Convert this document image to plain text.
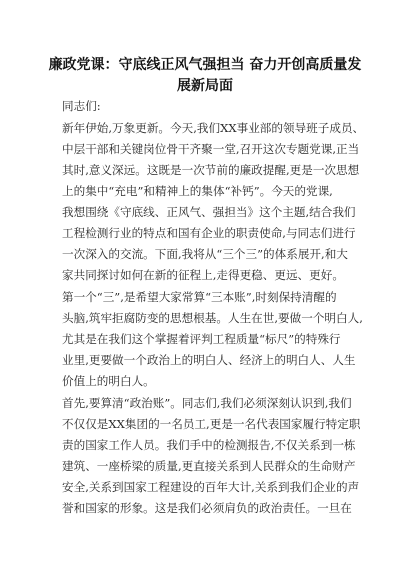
廉政党课：守底线正风气强担当 奋力开创高质量发
展新局面
同志们:
新年伊始,万象更新。今天,我们XX事业部的领导班子成员、
中层干部和关键岗位骨干齐聚一堂,召开这次专题党课,正当
其时,意义深远。这既是一次节前的廉政提醒,更是一次思想
上的集中“充电”和精神上的集体“补钙”。今天的党课,
我想围绕《守底线、正风气、强担当》这个主题,结合我们
工程检测行业的特点和国有企业的职责使命,与同志们进行
一次深入的交流。下面,我将从“三个三”的体系展开,和大
家共同探讨如何在新的征程上,走得更稳、更远、更好。
第一个“三”,是希望大家常算“三本账”,时刻保持清醒的
头脑,筑牢拒腐防变的思想根基。人生在世,要做一个明白人,
尤其是在我们这个掌握着评判工程质量“标尺”的特殊行
业里,更要做一个政治上的明白人、经济上的明白人、人生
价值上的明白人。
首先,要算清“政治账”。同志们,我们必须深刻认识到,我们
不仅仅是XX集团的一名员工,更是一名代表国家履行特定职
责的国家工作人员。我们手中的检测报告,不仅关系到一栋
建筑、一座桥梁的质量,更直接关系到人民群众的生命财产
安全,关系到国家工程建设的百年大计,关系到我们企业的声
誉和国家的形象。这是我们必须肩负的政治责任。一旦在
